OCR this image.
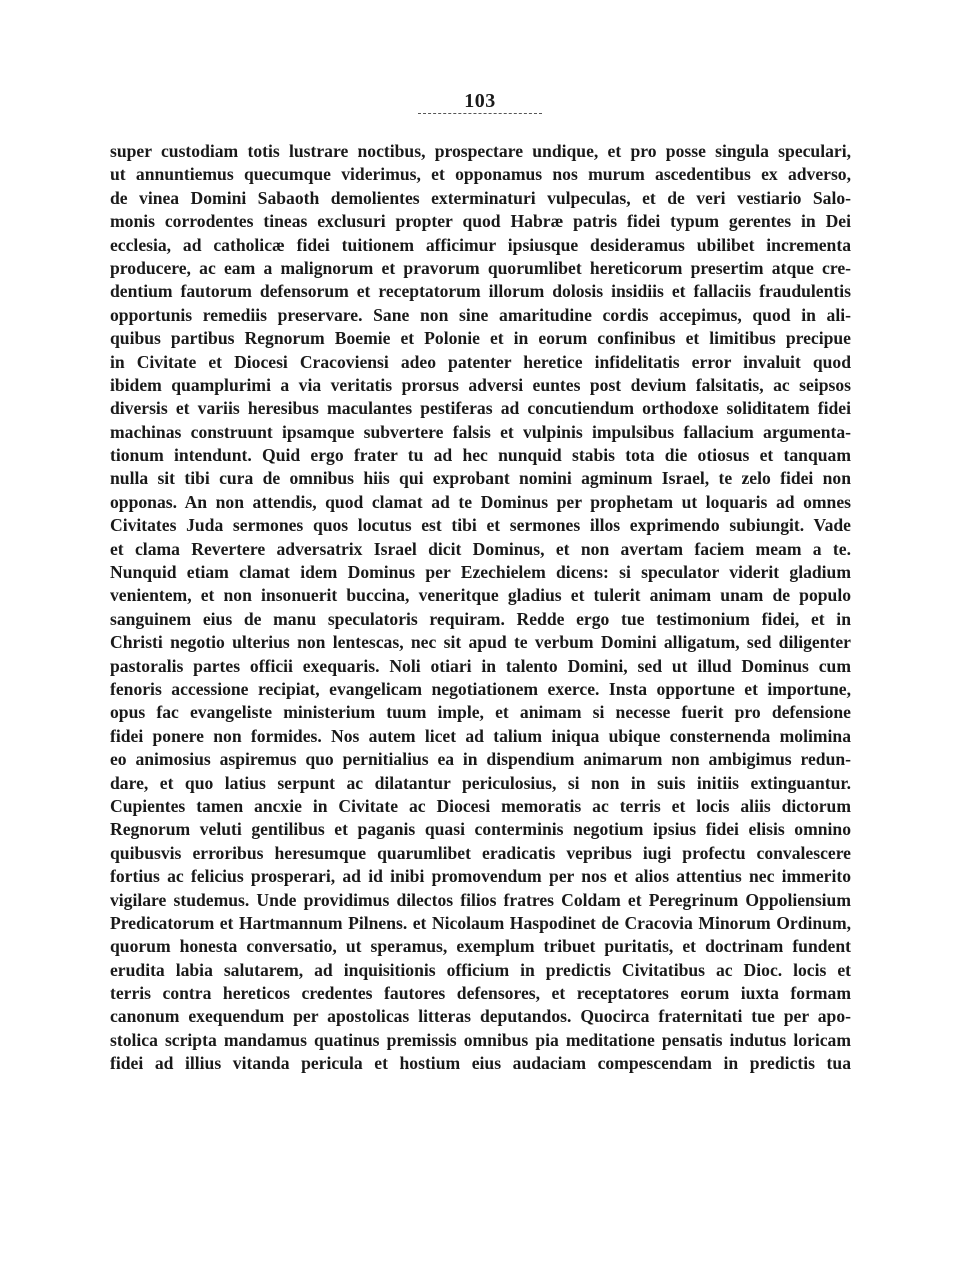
103
super custodiam totis lustrare noctibus, prospectare undique, et pro posse singula speculari,
ut annuntiemus quecumque viderimus, et opponamus nos murum ascedentibus ex adverso,
de vinea Domini Sabaoth demolientes exterminaturi vulpeculas, et de veri vestiario Salo-
monis corrodentes tineas exclusuri propter quod Habræ patris fidei typum gerentes in Dei
ecclesia, ad catholicæ fidei tuitionem afficimur ipsiusque desideramus ubilibet incrementa
producere, ac eam a malignorum et pravorum quorumlibet hereticorum presertim atque cre-
dentium fautorum defensorum et receptatorum illorum dolosis insidiis et fallaciis fraudulentis
opportunis remediis preservare. Sane non sine amaritudine cordis accepimus, quod in ali-
quibus partibus Regnorum Boemie et Polonie et in eorum confinibus et limitibus precipue
in Civitate et Diocesi Cracoviensi adeo patenter heretice infidelitatis error invaluit quod
ibidem quamplurimi a via veritatis prorsus adversi euntes post devium falsitatis, ac seipsos
diversis et variis heresibus maculantes pestiferas ad concutiendum orthodoxe soliditatem fidei
machinas construunt ipsamque subvertere falsis et vulpinis impulsibus fallacium argumenta-
tionum intendunt. Quid ergo frater tu ad hec nunquid stabis tota die otiosus et tanquam
nulla sit tibi cura de omnibus hiis qui exprobant nomini agminum Israel, te zelo fidei non
opponas. An non attendis, quod clamat ad te Dominus per prophetam ut loquaris ad omnes
Civitates Juda sermones quos locutus est tibi et sermones illos exprimendo subiungit. Vade
et clama Revertere adversatrix Israel dicit Dominus, et non avertam faciem meam a te.
Nunquid etiam clamat idem Dominus per Ezechielem dicens: si speculator viderit gladium
venientem, et non insonuerit buccina, veneritque gladius et tulerit animam unam de populo
sanguinem eius de manu speculatoris requiram. Redde ergo tue testimonium fidei, et in
Christi negotio ulterius non lentescas, nec sit apud te verbum Domini alligatum, sed diligenter
pastoralis partes officii exequaris. Noli otiari in talento Domini, sed ut illud Dominus cum
fenoris accessione recipiat, evangelicam negotiationem exerce. Insta opportune et importune,
opus fac evangeliste ministerium tuum imple, et animam si necesse fuerit pro defensione
fidei ponere non formides. Nos autem licet ad talium iniqua ubique consternenda molimina
eo animosius aspiremus quo pernitialius ea in dispendium animarum non ambigimus redun-
dare, et quo latius serpunt ac dilatantur periculosius, si non in suis initiis extinguantur.
Cupientes tamen ancxie in Civitate ac Diocesi memoratis ac terris et locis aliis dictorum
Regnorum veluti gentilibus et paganis quasi conterminis negotium ipsius fidei elisis omnino
quibusvis erroribus heresumque quarumlibet eradicatis vepribus iugi profectu convalescere
fortius ac felicius prosperari, ad id inibi promovendum per nos et alios attentius nec immerito
vigilare studemus. Unde providimus dilectos filios fratres Coldam et Peregrinum Oppoliensium
Predicatorum et Hartmannum Pilnens. et Nicolaum Haspodinet de Cracovia Minorum Ordinum,
quorum honesta conversatio, ut speramus, exemplum tribuet puritatis, et doctrinam fundent
erudita labia salutarem, ad inquisitionis officium in predictis Civitatibus ac Dioc. locis et
terris contra hereticos credentes fautores defensores, et receptatores eorum iuxta formam
canonum exequendum per apostolicas litteras deputandos. Quocirca fraternitati tue per apo-
stolica scripta mandamus quatinus premissis omnibus pia meditatione pensatis indutus loricam
fidei ad illius vitanda pericula et hostium eius audaciam compescendam in predictis tua
